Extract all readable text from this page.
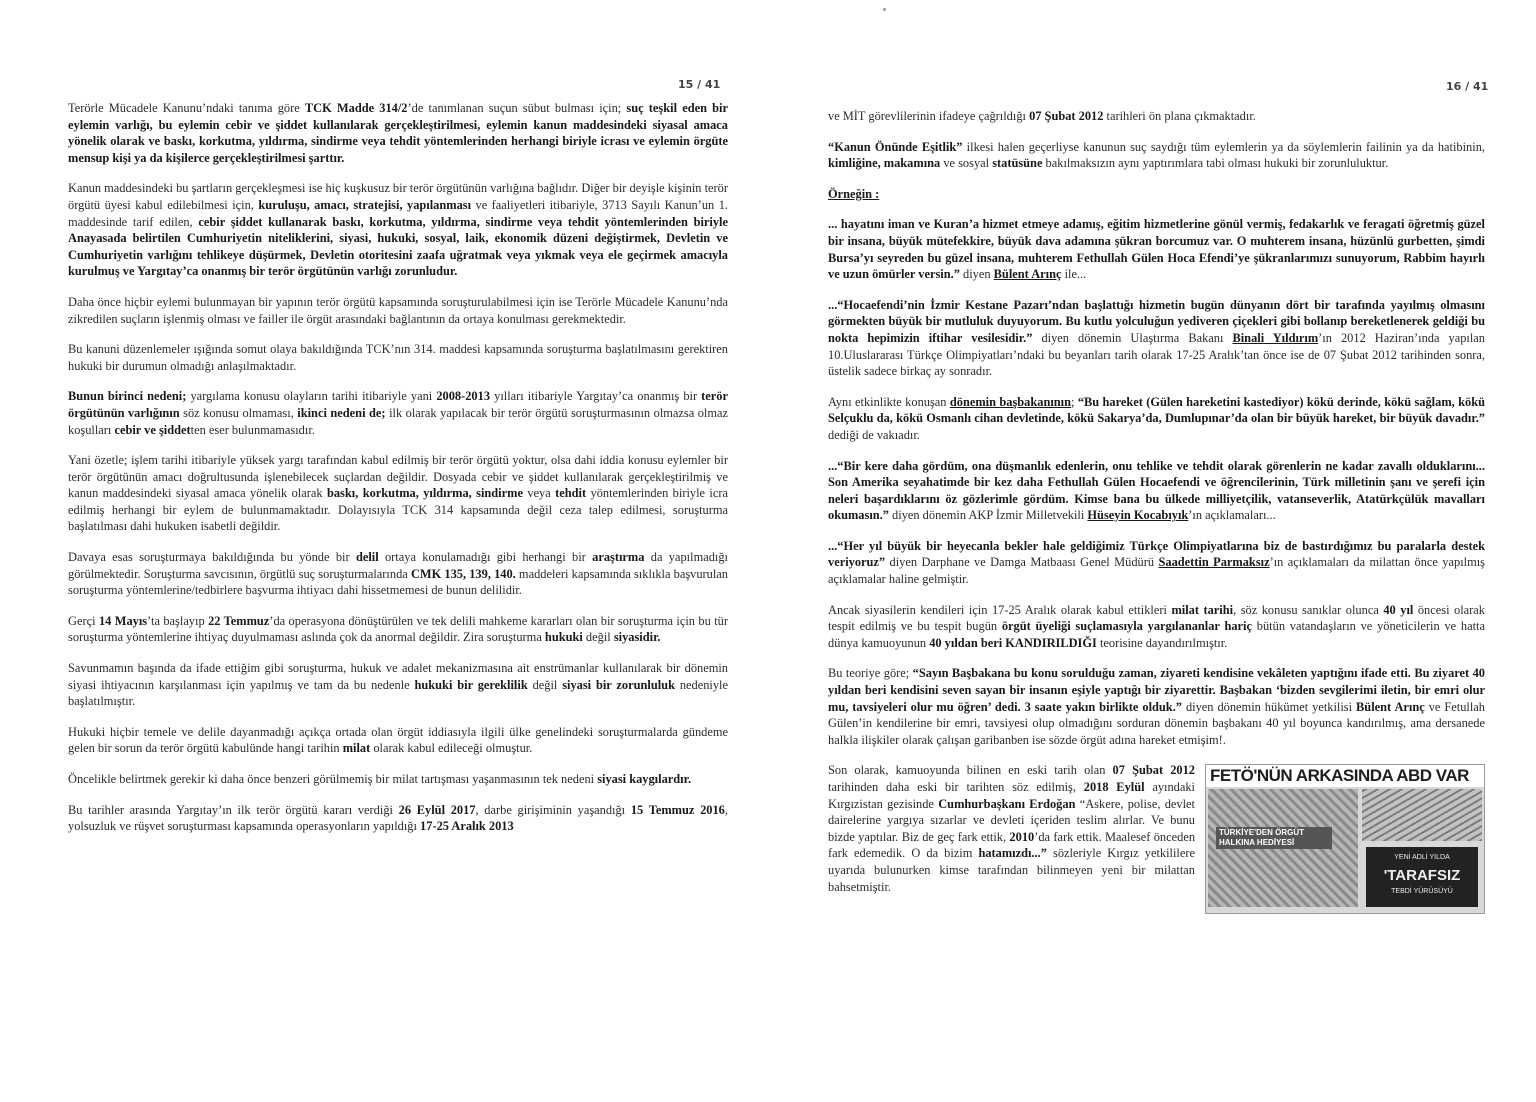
15 / 41

Terörle Mücadele Kanunu’ndaki tanıma göre TCK Madde 314/2’de tanımlanan suçun sübut bulması için; suç teşkil eden bir eylemin varlığı, bu eylemin cebir ve şiddet kullanılarak gerçekleştirilmesi, eylemin kanun maddesindeki siyasal amaca yönelik olarak ve baskı, korkutma, yıldırma, sindirme veya tehdit yöntemlerinden herhangi biriyle icrası ve eylemin örgüte mensup kişi ya da kişilerce gerçekleştirilmesi şarttır.

Kanun maddesindeki bu şartların gerçekleşmesi ise hiç kuşkusuz bir terör örgütünün varlığına bağlıdır. Diğer bir deyişle kişinin terör örgütü üyesi kabul edilebilmesi için, kuruluşu, amacı, stratejisi, yapılanması ve faaliyetleri itibariyle, 3713 Sayılı Kanun’un 1. maddesinde tarif edilen, cebir şiddet kullanarak baskı, korkutma, yıldırma, sindirme veya tehdit yöntemlerinden biriyle Anayasada belirtilen Cumhuriyetin niteliklerini, siyasi, hukuki, sosyal, laik, ekonomik düzeni değiştirmek, Devletin ve Cumhuriyetin varlığını tehlikeye düşürmek, Devletin otoritesini zaafa uğratmak veya yıkmak veya ele geçirmek amacıyla kurulmuş ve Yargıtay’ca onanmış bir terör örgütünün varlığı zorunludur.

Daha önce hiçbir eylemi bulunmayan bir yapının terör örgütü kapsamında soruşturulabilmesi için ise Terörle Mücadele Kanunu’nda zikredilen suçların işlenmiş olması ve failler ile örgüt arasındaki bağlantının da ortaya konulması gerekmektedir.

Bu kanuni düzenlemeler ışığında somut olaya bakıldığında TCK’nın 314. maddesi kapsamında soruşturma başlatılmasını gerektiren hukuki bir durumun olmadığı anlaşılmaktadır.

Bunun birinci nedeni; yargılama konusu olayların tarihi itibariyle yani 2008-2013 yılları itibariyle Yargıtay’ca onanmış bir terör örgütünün varlığının söz konusu olmaması, ikinci nedeni de; ilk olarak yapılacak bir terör örgütü soruşturmasının olmazsa olmaz koşulları cebir ve şiddetten eser bulunmamasıdır.

Yani özetle; işlem tarihi itibariyle yüksek yargı tarafından kabul edilmiş bir terör örgütü yoktur, olsa dahi iddia konusu eylemler bir terör örgütünün amacı doğrultusunda işlenebilecek suçlardan değildir. Dosyada cebir ve şiddet kullanılarak gerçekleştirilmiş ve kanun maddesindeki siyasal amaca yönelik olarak baskı, korkutma, yıldırma, sindirme veya tehdit yöntemlerinden biriyle icra edilmiş herhangi bir eylem de bulunmamaktadır. Dolayısıyla TCK 314 kapsamında değil ceza talep edilmesi, soruşturma başlatılması dahi hukuken isabetli değildir.

Davaya esas soruşturmaya bakıldığında bu yönde bir delil ortaya konulamadığı gibi herhangi bir araştırma da yapılmadığı görülmektedir. Soruşturma savcısının, örgütlü suç soruşturmalarında CMK 135, 139, 140. maddeleri kapsamında sıklıkla başvurulan soruşturma yöntemlerine/tedbirlere başvurma ihtiyacı dahi hissetmemesi de bunun delilidir.

Gerçi 14 Mayıs’ta başlayıp 22 Temmuz’da operasyona dönüştürülen ve tek delili mahkeme kararları olan bir soruşturma için bu tür soruşturma yöntemlerine ihtiyaç duyulmaması aslında çok da anormal değildir. Zira soruşturma hukuki değil siyasidir.

Savunmamın başında da ifade ettiğim gibi soruşturma, hukuk ve adalet mekanizmasına ait enstrümanlar kullanılarak bir dönemin siyasi ihtiyacının karşılanması için yapılmış ve tam da bu nedenle hukuki bir gereklilik değil siyasi bir zorunluluk nedeniyle başlatılmıştır.

Hukuki hiçbir temele ve delile dayanmadığı açıkça ortada olan örgüt iddiasıyla ilgili ülke genelindeki soruşturmalarda gündeme gelen bir sorun da terör örgütü kabulünde hangi tarihin milat olarak kabul edileceği olmuştur.

Öncelikle belirtmek gerekir ki daha önce benzeri görülmemiş bir milat tartışması yaşanmasının tek nedeni siyasi kaygılardır.

Bu tarihler arasında Yargıtay’ın ilk terör örgütü kararı verdiği 26 Eylül 2017, darbe girişiminin yaşandığı 15 Temmuz 2016, yolsuzluk ve rüşvet soruşturması kapsamında operasyonların yapıldığı 17-25 Aralık 2013

16 / 41

ve MİT görevlilerinin ifadeye çağrıldığı 07 Şubat 2012 tarihleri ön plana çıkmaktadır.

“Kanun Önünde Eşitlik” ilkesi halen geçerliyse kanunun suç saydığı tüm eylemlerin ya da söylemlerin failinin ya da hatibinin, kimliğine, makamına ve sosyal statüsüne bakılmaksızın aynı yaptırımlara tabi olması hukuki bir zorunluluktur.

Örneğin :

... hayatını iman ve Kuran’a hizmet etmeye adamış, eğitim hizmetlerine gönül vermiş, fedakarlık ve feragati öğretmiş güzel bir insana, büyük mütefekkire, büyük dava adamına şükran borcumuz var. O muhterem insana, hüzünlü gurbetten, şimdi Bursa’yı seyreden bu güzel insana, muhterem Fethullah Gülen Hoca Efendi’ye şükranlarımızı sunuyorum, Rabbim hayırlı ve uzun ömürler versin.” diyen Bülent Arınç ile...

...“Hocaefendi’nin İzmir Kestane Pazarı’ndan başlattığı hizmetin bugün dünyanın dört bir tarafında yayılmış olmasını görmekten büyük bir mutluluk duyuyorum. Bu kutlu yolculuğun yediveren çiçekleri gibi bollanıp bereketlenerek geldiği bu nokta hepimizin iftihar vesilesidir.” diyen dönemin Ulaştırma Bakanı Binali Yıldırım’ın 2012 Haziran’ında yapılan 10.Uluslararası Türkçe Olimpiyatları’ndaki bu beyanları tarih olarak 17-25 Aralık’tan önce ise de 07 Şubat 2012 tarihinden sonra, üstelik sadece birkaç ay sonradır.

Aynı etkinlikte konuşan dönemin başbakanının; “Bu hareket (Gülen hareketini kastediyor) kökü derinde, kökü sağlam, kökü Selçuklu da, kökü Osmanlı cihan devletinde, kökü Sakarya’da, Dumlupınar’da olan bir büyük hareket, bir büyük davadır.” dediği de vakıadır.

...“Bir kere daha gördüm, ona düşmanlık edenlerin, onu tehlike ve tehdit olarak görenlerin ne kadar zavallı olduklarını... Son Amerika seyahatimde bir kez daha Fethullah Gülen Hocaefendi ve öğrencilerinin, Türk milletinin şanı ve şerefi için neleri başardıklarını öz gözlerimle gördüm. Kimse bana bu ülkede milliyetçilik, vatanseverlik, Atatürkçülük mavalları okumasın.” diyen dönemin AKP İzmir Milletvekili Hüseyin Kocabıyık’ın açıklamaları...

...“Her yıl büyük bir heyecanla bekler hale geldiğimiz Türkçe Olimpiyatlarına biz de bastırdığımız bu paralarla destek veriyoruz” diyen Darphane ve Damga Matbaası Genel Müdürü Saadettin Parmaksız’ın açıklamaları da milattan önce yapılmış açıklamalar haline gelmiştir.

Ancak siyasilerin kendileri için 17-25 Aralık olarak kabul ettikleri milat tarihi, söz konusu sanıklar olunca 40 yıl öncesi olarak tespit edilmiş ve bu tespit bugün örgüt üyeliği suçlamasıyla yargılananlar hariç bütün vatandaşların ve yöneticilerin ve hatta dünya kamuoyunun 40 yıldan beri KANDIRILDIĞI teorisine dayandırılmıştır.

Bu teoriye göre; “Sayın Başbakana bu konu sorulduğu zaman, ziyareti kendisine vekâleten yaptığını ifade etti. Bu ziyaret 40 yıldan beri kendisini seven sayan bir insanın eşiyle yaptığı bir ziyarettir. Başbakan ‘bizden sevgilerimi iletin, bir emri olur mu, tavsiyeleri olur mu öğren’ dedi. 3 saate yakın birlikte olduk.” diyen dönemin hükümet yetkilisi Bülent Arınç ve Fetullah Gülen’in kendilerine bir emri, tavsiyesi olup olmadığını sorduran dönemin başbakanı 40 yıl boyunca kandırılmış, ama dersanede halkla ilişkiler olarak çalışan garibanben ise sözde örgüt adına hareket etmişim!.

Son olarak, kamuoyunda bilinen en eski tarih olan 07 Şubat 2012 tarihinden daha eski bir tarihten söz edilmiş, 2018 Eylül ayındaki Kırgızistan gezisinde Cumhurbaşkanı Erdoğan “Askere, polise, devlet dairelerine yargıya sızarlar ve devleti içeriden teslim alırlar. Ve bunu bizde yaptılar. Biz de geç fark ettik, 2010’da fark ettik. Maalesef önceden fark edemedik. O da bizim hatamızdı...” sözleriyle Kırgız yetkililere uyarıda bulunurken kimse tarafından bilinmeyen yeni bir milattan bahsetmiştir.

FETÖ'NÜN ARKASINDA ABD VAR
TÜRKİYE'DEN ÖRGÜT HALKINA HEDİYESİ
YENİ ADLİ YILDA
'TARAFSIZ
TEBDİ YÜRÜSÜYÜ
